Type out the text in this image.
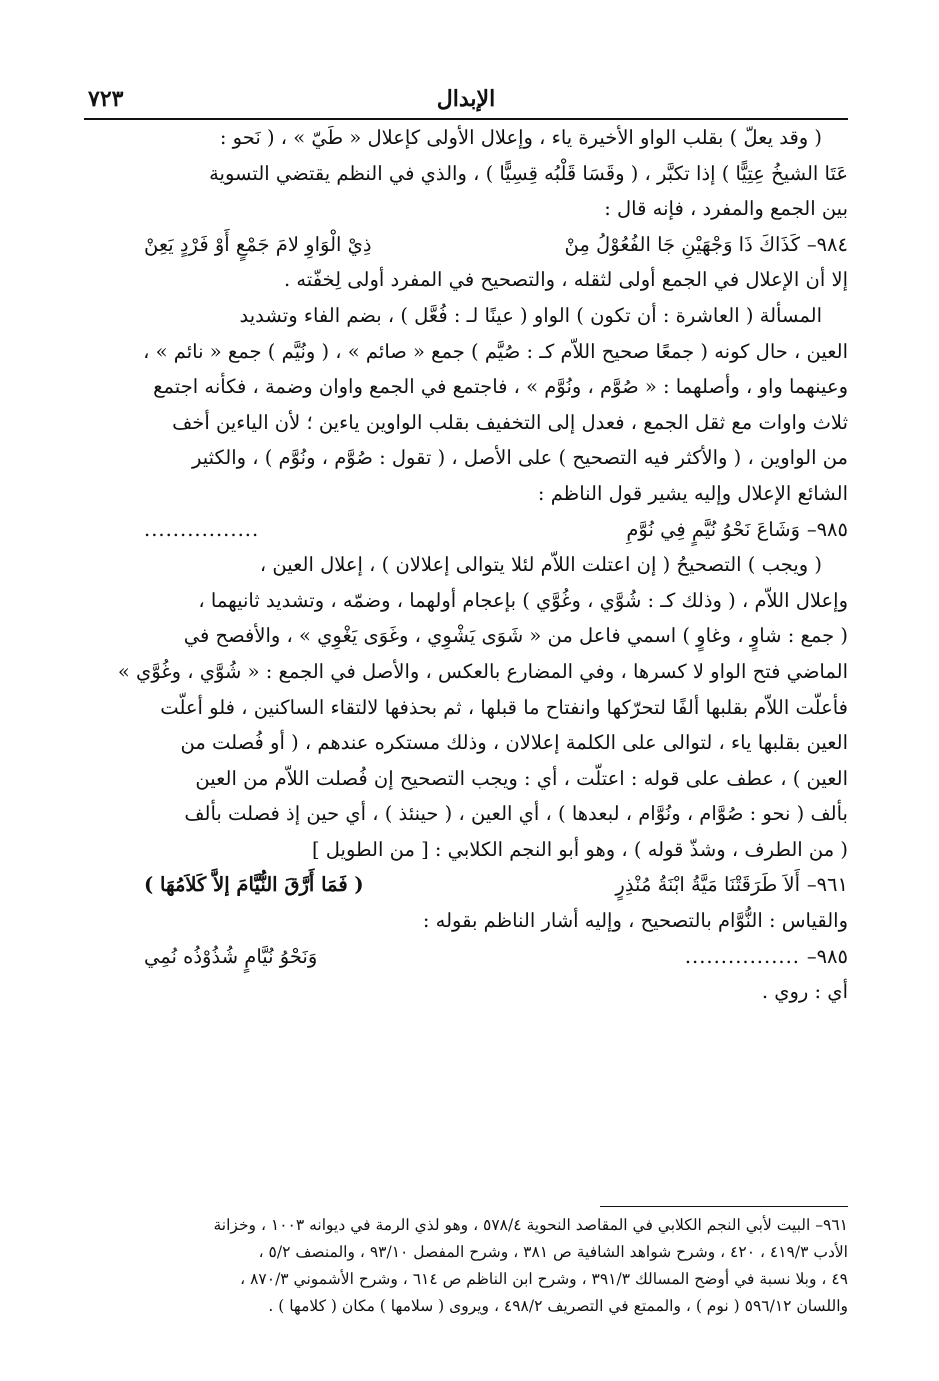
الإبدال
٧٢٣
( وقد يعلّ ) بقلب الواو الأخيرة ياء ، وإعلال الأولى كإعلال « طَيّ » ، ( نَحو :
عَتَا الشيخُ عِتِيًّا ) إذا تكبَّر ، ( وقَسَا قَلْبُه قِسِيًّا ) ، والذي في النظم يقتضي التسوية
بين الجمع والمفرد ، فإنه قال :
٩٨٤–
كَذَاكَ ذَا وَجْهَيْنِ جَا الفُعُوْلُ مِنْ
ذِيْ الْوَاوِ لامَ جَمْعٍ أَوْ فَرْدٍ يَعِنْ
إلا أن الإعلال في الجمع أولى لثقله ، والتصحيح في المفرد أولى لِخفّته .
المسألة ( العاشرة : أن تكون ) الواو ( عينًا لـ : فُعَّل ) ، بضم الفاء وتشديد
العين ، حال كونه ( جمعًا صحيح اللاّم كـ : صُيَّم ) جمع « صائم » ، ( ونُيَّم ) جمع « نائم » ،
وعينهما واو ، وأصلهما : « صُوَّم ، ونُوَّم » ، فاجتمع في الجمع واوان وضمة ، فكأنه اجتمع
ثلاث واوات مع ثقل الجمع ، فعدل إلى التخفيف بقلب الواوين ياءين ؛ لأن الياءين أخف
من الواوين ، ( والأكثر فيه التصحيح ) على الأصل ، ( تقول : صُوَّم ، ونُوَّم ) ، والكثير
الشائع الإعلال وإليه يشير قول الناظم :
٩٨٥–
وَشَاعَ نَحْوُ نُيَّمٍ فِي نُوَّمِ
................
( ويجب ) التصحيحُ ( إن اعتلت اللاّم لئلا يتوالى إعلالان ) ، إعلال العين ،
وإعلال اللاّم ، ( وذلك كـ : شُوَّي ، وغُوَّي ) بإعجام أولهما ، وضمّه ، وتشديد ثانيهما ،
( جمع : شاوٍ ، وغاوٍ ) اسمي فاعل من « شَوَى يَشْوِي ، وغَوَى يَغْوِي » ، والأفصح في
الماضي فتح الواو لا كسرها ، وفي المضارع بالعكس ، والأصل في الجمع : « شُوَّي ، وغُوَّي »
فأعلّت اللاّم بقلبها ألفًا لتحرّكها وانفتاح ما قبلها ، ثم بحذفها لالتقاء الساكنين ، فلو أعلّت
العين بقلبها ياء ، لتوالى على الكلمة إعلالان ، وذلك مستكره عندهم ، ( أو فُصلت من
العين ) ، عطف على قوله : اعتلّت ، أي : ويجب التصحيح إن فُصلت اللاّم من العين
بألف ( نحو : صُوَّام ، ونُوَّام ، لبعدها ) ، أي العين ، ( حينئذ ) ، أي حين إذ فصلت بألف
( من الطرف ، وشذّ قوله ) ، وهو أبو النجم الكلابي : [ من الطويل ]
٩٦١–
أَلاَ طَرَقَتْنَا مَيَّةُ ابْنَةُ مُنْذِرٍ
( فَمَا أَرَّقَ النُّيَّامَ إلاَّ كَلاَمُهَا )
والقياس : النُّوَّام بالتصحيح ، وإليه أشار الناظم بقوله :
٩٨٥–
................
وَنَحْوُ نُيَّامٍ شُذُوْذُه نُمِي
أي : روي .
٩٦١– البيت لأبي النجم الكلابي في المقاصد النحوية ٥٧٨/٤ ، وهو لذي الرمة في ديوانه ١٠٠٣ ، وخزانة
الأدب ٤١٩/٣ ، ٤٢٠ ، وشرح شواهد الشافية ص ٣٨١ ، وشرح المفصل ٩٣/١٠ ، والمنصف ٥/٢ ،
٤٩ ، وبلا نسبة في أوضح المسالك ٣٩١/٣ ، وشرح ابن الناظم ص ٦١٤ ، وشرح الأشموني ٨٧٠/٣ ،
واللسان ٥٩٦/١٢ ( نوم ) ، والممتع في التصريف ٤٩٨/٢ ، ويروى ( سلامها ) مكان ( كلامها ) .
